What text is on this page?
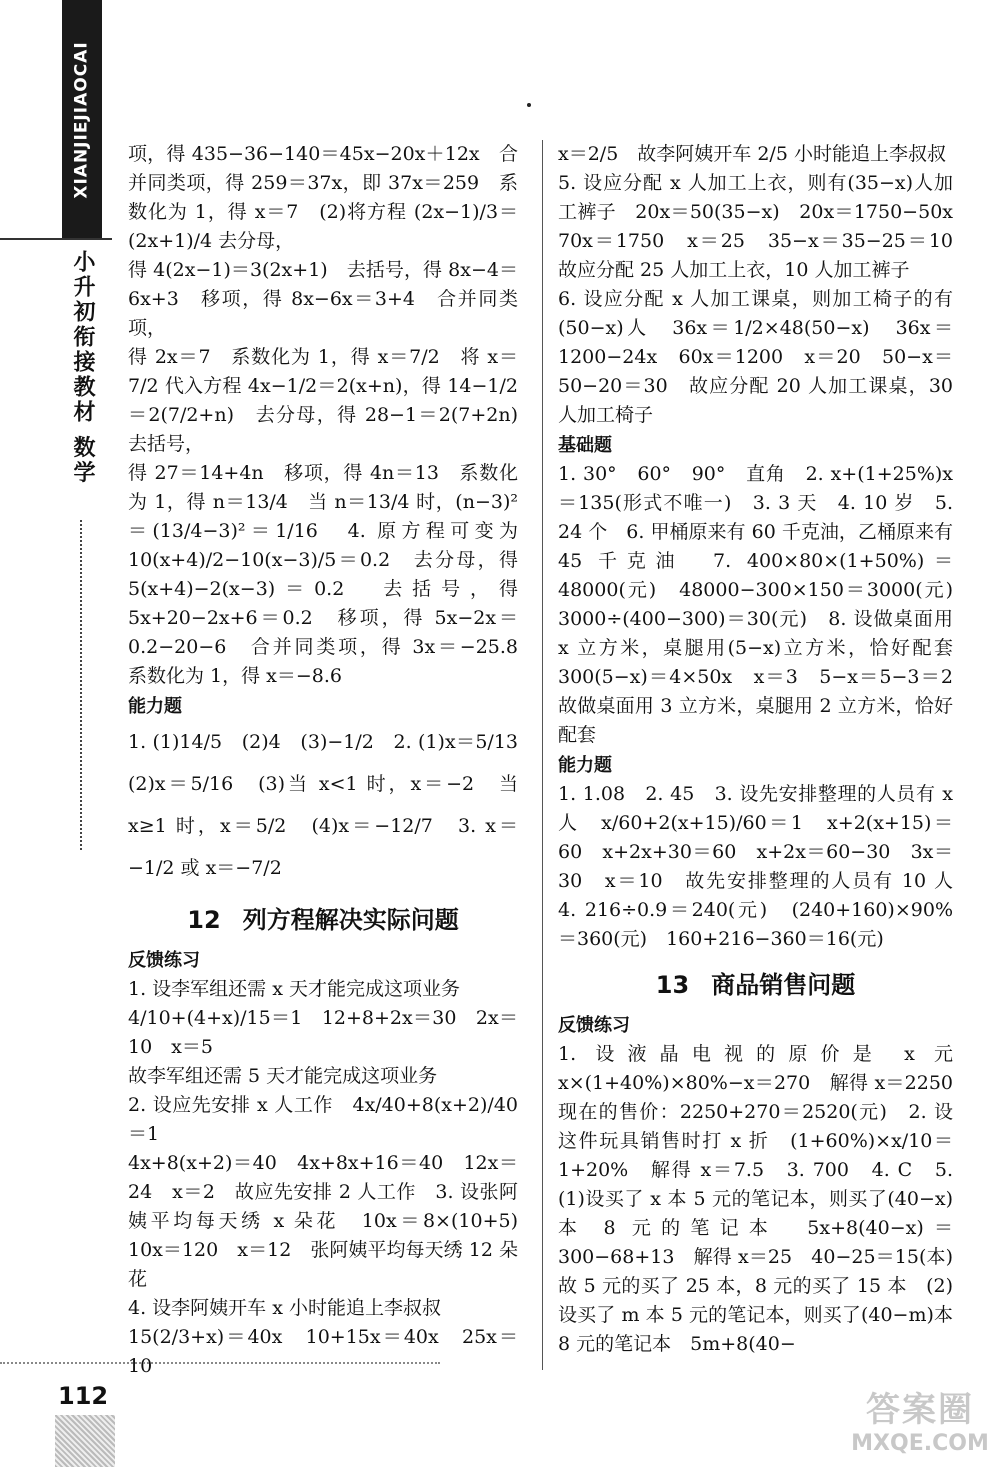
XIANJIEJIAOCAI
小升初衔接教材 数学

项，得 435−36−140＝45x−20x＋12x　合并同类项，得 259＝37x，即 37x＝259　系数化为 1，得 x＝7　(2)将方程 (2x−1)/3＝(2x+1)/4 去分母，

得 4(2x−1)＝3(2x+1)　去括号，得 8x−4＝6x+3　移项，得 8x−6x＝3+4　合并同类项，

得 2x＝7　系数化为 1，得 x＝7/2　将 x＝7/2 代入方程 4x−1/2＝2(x+n)，得 14−1/2＝2(7/2+n)　去分母，得 28−1＝2(7+2n)　去括号，

得 27＝14+4n　移项，得 4n＝13　系数化为 1，得 n＝13/4　当 n＝13/4 时，(n−3)²＝(13/4−3)²＝1/16　4. 原方程可变为 10(x+4)/2−10(x−3)/5＝0.2　去分母，得 5(x+4)−2(x−3)＝0.2　去括号，得 5x+20−2x+6＝0.2　移项，得 5x−2x＝0.2−20−6　合并同类项，得 3x＝−25.8　系数化为 1，得 x＝−8.6

能力题

1. (1)14/5　(2)4　(3)−1/2　2. (1)x＝5/13　(2)x＝5/16　(3)当 x<1 时，x＝−2　当 x≥1 时，x＝5/2　(4)x＝−12/7　3. x＝−1/2 或 x＝−7/2

12 列方程解决实际问题
反馈练习

1. 设李军组还需 x 天才能完成这项业务

4/10+(4+x)/15＝1　12+8+2x＝30　2x＝10　x＝5

故李军组还需 5 天才能完成这项业务

2. 设应先安排 x 人工作　4x/40+8(x+2)/40＝1

4x+8(x+2)＝40　4x+8x+16＝40　12x＝24　x＝2　故应先安排 2 人工作　3. 设张阿姨平均每天绣 x 朵花　10x＝8×(10+5)　10x＝120　x＝12　张阿姨平均每天绣 12 朵花

4. 设李阿姨开车 x 小时能追上李叔叔

15(2/3+x)＝40x　10+15x＝40x　25x＝10

x＝2/5　故李阿姨开车 2/5 小时能追上李叔叔

5. 设应分配 x 人加工上衣，则有(35−x)人加工裤子　20x＝50(35−x)　20x＝1750−50x　70x＝1750　x＝25　35−x＝35−25＝10　故应分配 25 人加工上衣，10 人加工裤子

6. 设应分配 x 人加工课桌，则加工椅子的有(50−x)人　36x＝1/2×48(50−x)　36x＝1200−24x　60x＝1200　x＝20　50−x＝50−20＝30　故应分配 20 人加工课桌，30 人加工椅子

基础题

1. 30°　60°　90°　直角　2. x+(1+25%)x＝135(形式不唯一)　3. 3 天　4. 10 岁　5. 24 个　6. 甲桶原来有 60 千克油，乙桶原来有 45 千克油　7. 400×80×(1+50%)＝48000(元)　48000−300×150＝3000(元)　3000÷(400−300)＝30(元)　8. 设做桌面用 x 立方米，桌腿用(5−x)立方米，恰好配套　300(5−x)＝4×50x　x＝3　5−x＝5−3＝2　故做桌面用 3 立方米，桌腿用 2 立方米，恰好配套

能力题

1. 1.08　2. 45　3. 设先安排整理的人员有 x 人　x/60+2(x+15)/60＝1　x+2(x+15)＝60　x+2x+30＝60　x+2x＝60−30　3x＝30　x＝10　故先安排整理的人员有 10 人　4. 216÷0.9＝240(元)　(240+160)×90%＝360(元)　160+216−360＝16(元)

13 商品销售问题
反馈练习

1. 设液晶电视的原价是 x 元　x×(1+40%)×80%−x＝270　解得 x＝2250　现在的售价：2250+270＝2520(元)　2. 设这件玩具销售时打 x 折　(1+60%)×x/10＝1+20%　解得 x＝7.5　3. 700　4. C　5. (1)设买了 x 本 5 元的笔记本，则买了(40−x)本 8 元的笔记本　5x+8(40−x)＝300−68+13　解得 x＝25　40−25＝15(本)　故 5 元的买了 25 本，8 元的买了 15 本　(2)设买了 m 本 5 元的笔记本，则买了(40−m)本 8 元的笔记本　5m+8(40−

112	答案圈
MXQE.COM
